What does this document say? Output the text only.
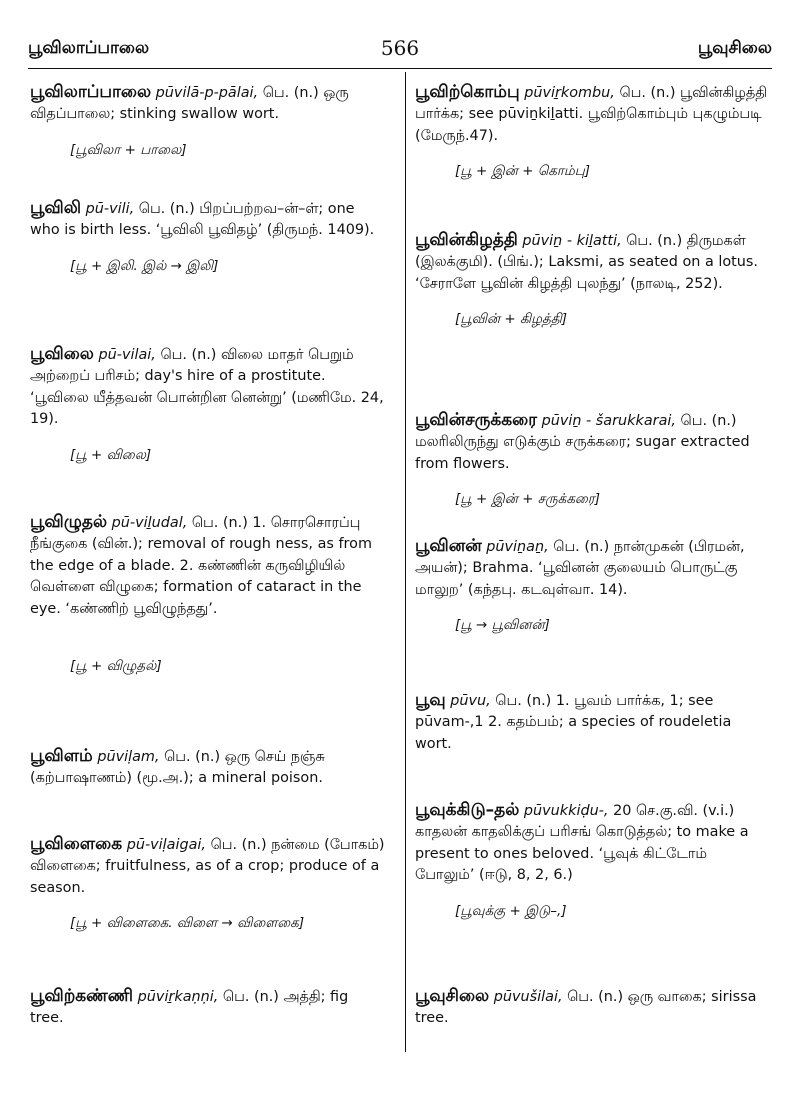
பூவிலாப்பாலை	566	பூவுசிலை
பூவிலாப்பாலை pūvilā-p-pālai, பெ. (n.) ஒரு விதப்பாலை; stinking swallow wort.
[பூவிலா + பாலை]
பூவிலி pū-vili, பெ. (n.) பிறப்பற்றவ–ன்–ள்; one who is birth less. ‘பூவிலி பூவிதழ்’ (திருமந். 1409).
[பூ + இலி. இல் → இலி]
பூவிலை pū-vilai, பெ. (n.) விலை மாதர் பெறும் அற்றைப் பரிசம்; day's hire of a prostitute. ‘பூவிலை யீத்தவன் பொன்றின னென்று’ (மணிமே. 24, 19).
[பூ + விலை]
பூவிழுதல் pū-viḻudal, பெ. (n.) 1. சொரசொரப்பு நீங்குகை (வின்.); removal of rough ness, as from the edge of a blade. 2. கண்ணின் கருவிழியில் வெள்ளை விழுகை; formation of cataract in the eye. ‘கண்ணிற் பூவிழுந்தது’.
[பூ + விழுதல்]
பூவிளம் pūviḷam, பெ. (n.) ஒரு செய் நஞ்சு (கற்பாஷாணம்) (மூ.அ.); a mineral poison.
பூவிளைகை pū-viḷaigai, பெ. (n.) நன்மை (போகம்) விளைகை; fruitfulness, as of a crop; produce of a season.
[பூ + விளைகை. விளை → விளைகை]
பூவிற்கண்ணி pūviṟkaṇṇi, பெ. (n.) அத்தி; fig tree.
பூவிற்கொம்பு pūviṟkombu, பெ. (n.) பூவின்கிழத்தி பார்க்க; see pūviṉkiḻatti. பூவிற்கொம்பும் புகழும்படி (மேருந்.47).
[பூ + இன் + கொம்பு]
பூவின்கிழத்தி pūviṉ - kiḻatti, பெ. (n.) திருமகள் (இலக்குமி). (பிங்.); Laksmi, as seated on a lotus. ‘சேராளே பூவின் கிழத்தி புலந்து’ (நாலடி, 252).
[பூவின் + கிழத்தி]
பூவின்சருக்கரை pūviṉ - šarukkarai, பெ. (n.) மலரிலிருந்து எடுக்கும் சருக்கரை; sugar extracted from flowers.
[பூ + இன் + சருக்கரை]
பூவினன் pūviṉaṉ, பெ. (n.) நான்முகன் (பிரமன், அயன்); Brahma. ‘பூவினன் குலையம் பொருட்கு மாலுற’ (கந்தபு. கடவுள்வா. 14).
[பூ → பூவினன்]
பூவு pūvu, பெ. (n.) 1. பூவம் பார்க்க, 1; see pūvam-,1 2. கதம்பம்; a species of roudeletia wort.
பூவுக்கிடு–தல் pūvukkiḍu-, 20 செ.கு.வி. (v.i.) காதலன் காதலிக்குப் பரிசங் கொடுத்தல்; to make a present to ones beloved. ‘பூவுக் கிட்டோம் போலும்’ (ஈடு, 8, 2, 6.)
[பூவுக்கு + இடு–,]
பூவுசிலை pūvušilai, பெ. (n.) ஒரு வாகை; sirissa tree.
